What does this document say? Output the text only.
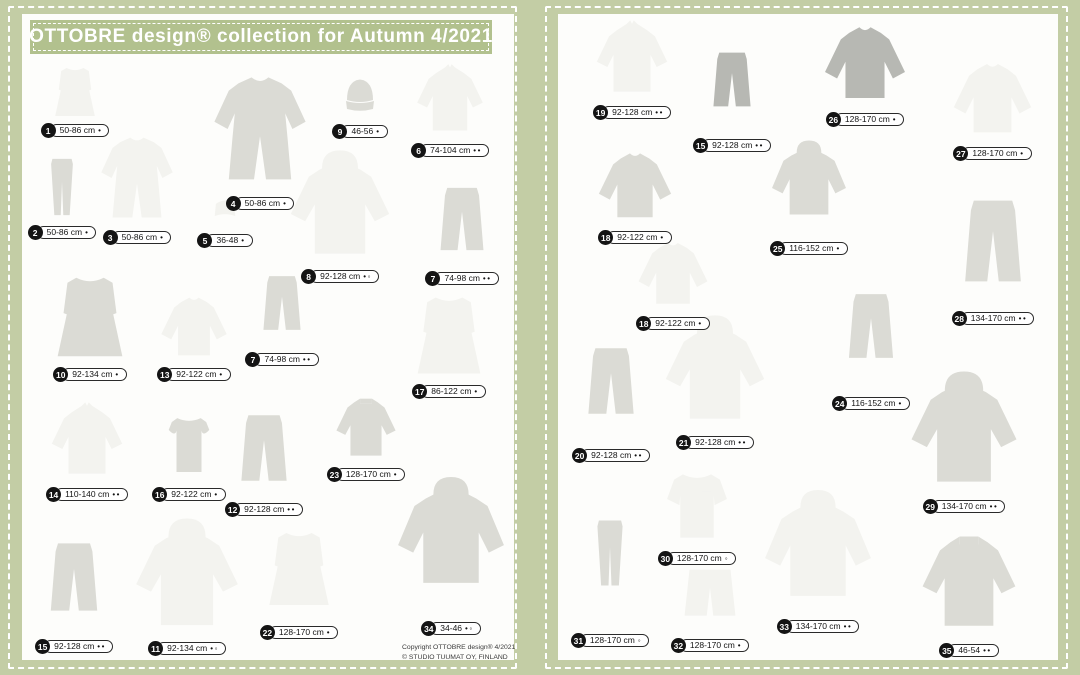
OTTOBRE design® collection for Autumn 4/2021
Copyright OTTOBRE design® 4/2021
© STUDIO TUUMAT OY, FINLAND
1	50-86 cm •
2	50-86 cm •
3	50-86 cm •
4	50-86 cm •
5	36-48 •
9	46-56 •
6	74-104 cm ••
8	92-128 cm •◦	7	74-98 cm ••
10 92-134 cm •	13 92-122 cm •
7	74-98 cm ••
17 86-122 cm •
14 110-140 cm ••	16 92-122 cm •
12 92-128 cm ••
23 128-170 cm •
15 92-128 cm ••	11 92-134 cm •◦
22 128-170 cm •	34 34-46 •◦
19 92-128 cm ••
15 92-128 cm ••
26 128-170 cm •
27 128-170 cm •
18 92-122 cm •
25 116-152 cm •
28 134-170 cm ••
18 92-122 cm •
24 116-152 cm •
21 92-128 cm ••
20 92-128 cm ••
29 134-170 cm ••
30 128-170 cm ◦
31 128-170 cm ◦
32 128-170 cm •
33 134-170 cm ••
35 46-54 ••
